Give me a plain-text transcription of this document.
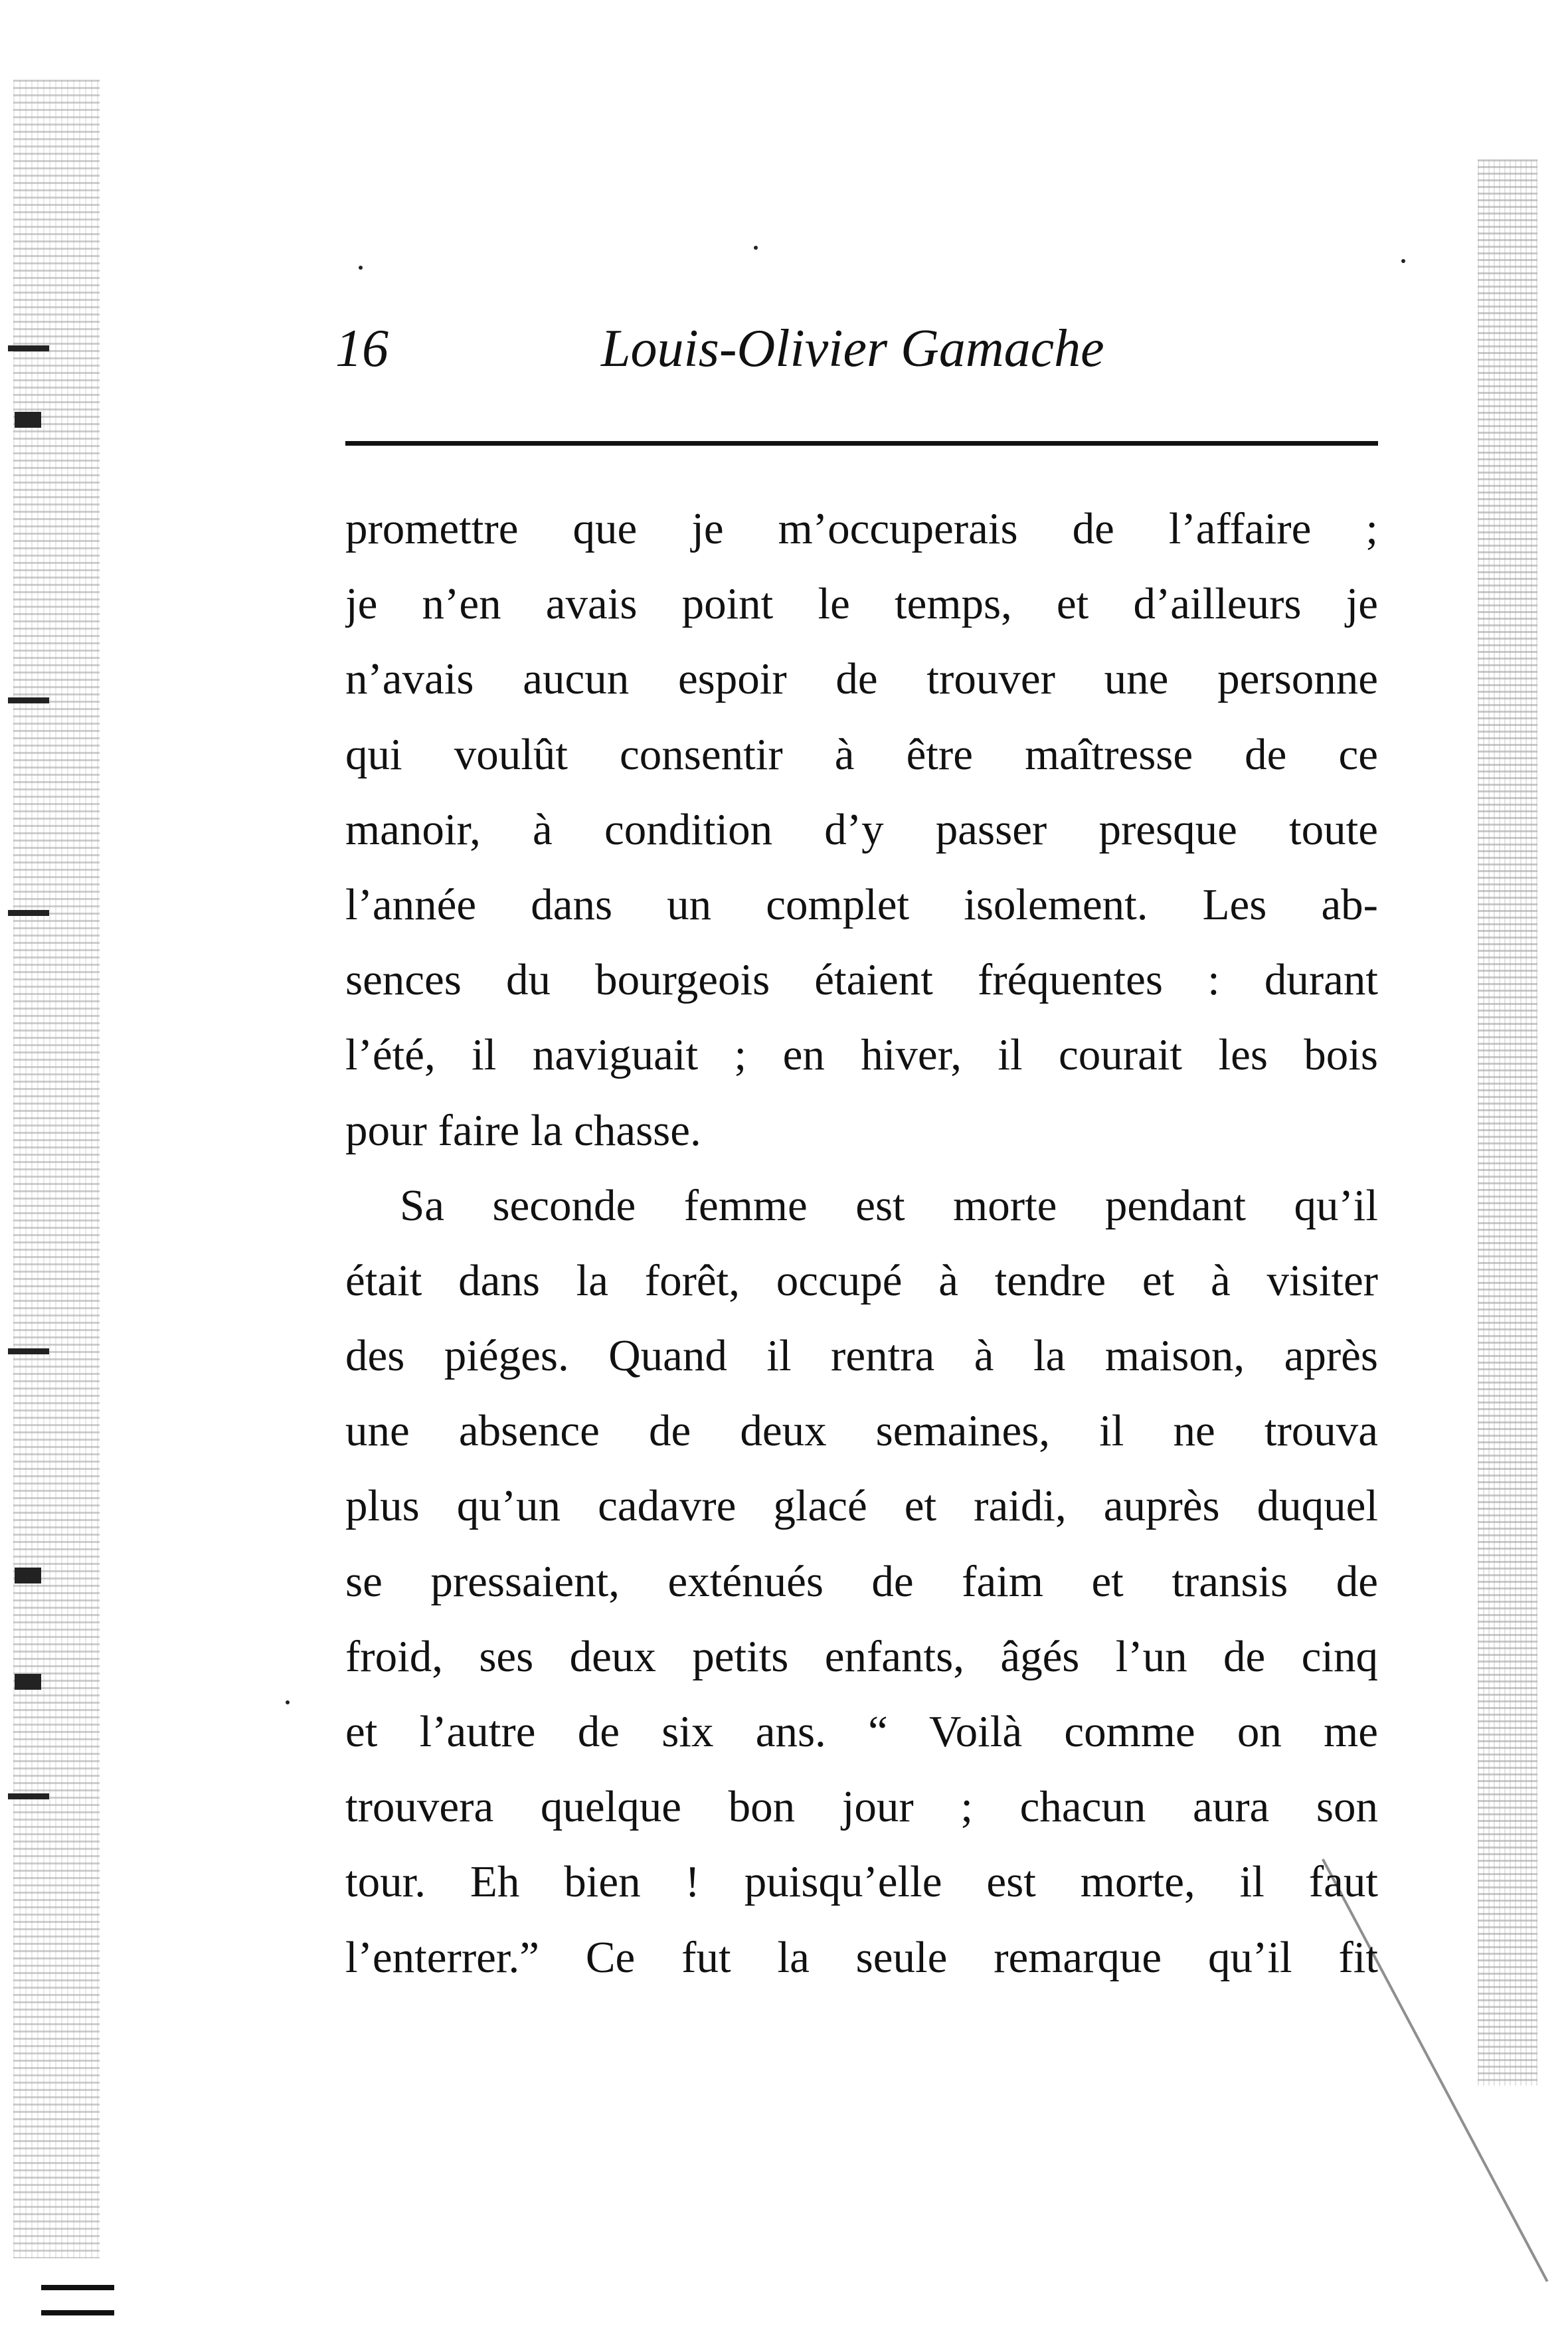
16	Louis-Olivier Gamache
promettre que je m’occuperais de l’affaire ;
je n’en avais point le temps, et d’ailleurs je
n’avais aucun espoir de trouver une personne
qui voulût consentir à être maîtresse de ce
manoir, à condition d’y passer presque toute
l’année dans un complet isolement. Les ab-
sences du bourgeois étaient fréquentes : durant
l’été, il naviguait ; en hiver, il courait les bois
pour faire la chasse.
Sa seconde femme est morte pendant qu’il
était dans la forêt, occupé à tendre et à visiter
des piéges. Quand il rentra à la maison, après
une absence de deux semaines, il ne trouva
plus qu’un cadavre glacé et raidi, auprès duquel
se pressaient, exténués de faim et transis de
froid, ses deux petits enfants, âgés l’un de cinq
et l’autre de six ans. “ Voilà comme on me
trouvera quelque bon jour ; chacun aura son
tour. Eh bien ! puisqu’elle est morte, il faut
l’enterrer.” Ce fut la seule remarque qu’il fit
